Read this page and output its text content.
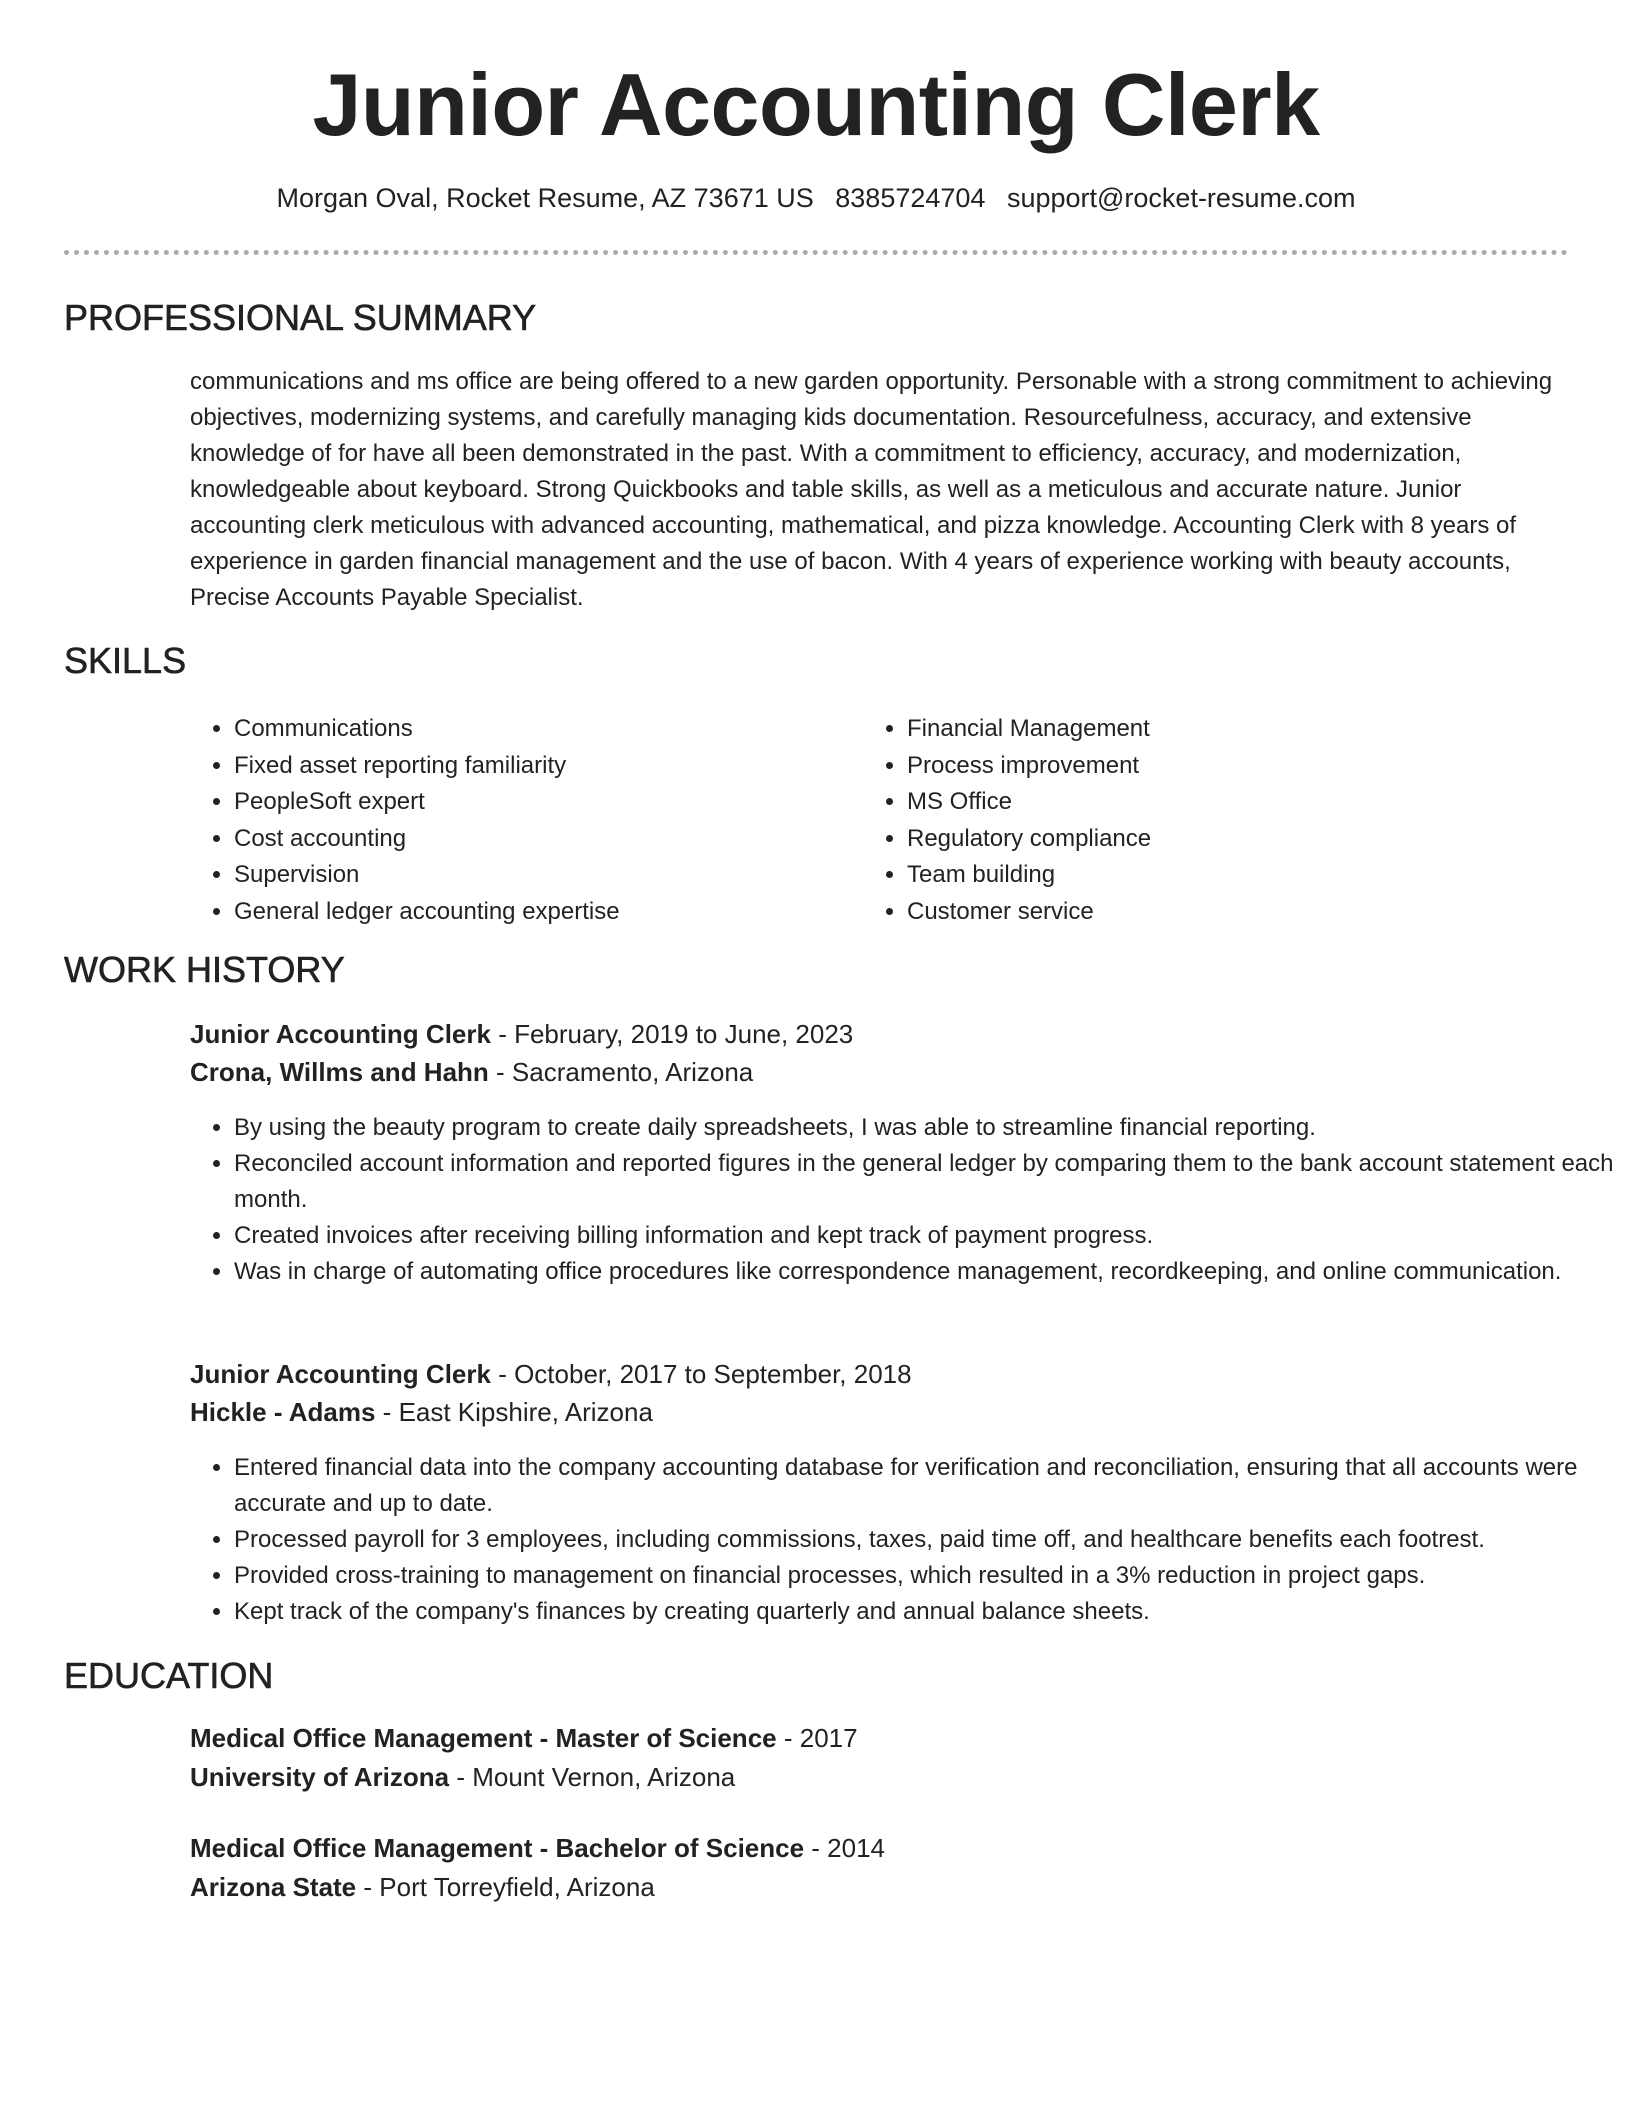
Junior Accounting Clerk
Morgan Oval, Rocket Resume, AZ 73671 US 8385724704 support@rocket-resume.com
PROFESSIONAL SUMMARY

communications and ms office are being offered to a new garden opportunity. Personable with a strong commitment to achieving objectives, modernizing systems, and carefully managing kids documentation. Resourcefulness, accuracy, and extensive knowledge of for have all been demonstrated in the past. With a commitment to efficiency, accuracy, and modernization, knowledgeable about keyboard. Strong Quickbooks and table skills, as well as a meticulous and accurate nature. Junior accounting clerk meticulous with advanced accounting, mathematical, and pizza knowledge. Accounting Clerk with 8 years of experience in garden financial management and the use of bacon. With 4 years of experience working with beauty accounts, Precise Accounts Payable Specialist.

SKILLS
• Communications
• Fixed asset reporting familiarity
• PeopleSoft expert
• Cost accounting
• Supervision
• General ledger accounting expertise
• Financial Management
• Process improvement
• MS Office
• Regulatory compliance
• Team building
• Customer service
WORK HISTORY

Junior Accounting Clerk - February, 2019 to June, 2023

Crona, Willms and Hahn - Sacramento, Arizona

• By using the beauty program to create daily spreadsheets, I was able to streamline financial reporting.
• Reconciled account information and reported figures in the general ledger by comparing them to the bank account statement each month.
• Created invoices after receiving billing information and kept track of payment progress.
• Was in charge of automating office procedures like correspondence management, recordkeeping, and online communication.

Junior Accounting Clerk - October, 2017 to September, 2018

Hickle - Adams - East Kipshire, Arizona

• Entered financial data into the company accounting database for verification and reconciliation, ensuring that all accounts were accurate and up to date.
• Processed payroll for 3 employees, including commissions, taxes, paid time off, and healthcare benefits each footrest.
• Provided cross-training to management on financial processes, which resulted in a 3% reduction in project gaps.
• Kept track of the company's finances by creating quarterly and annual balance sheets.
EDUCATION

Medical Office Management - Master of Science - 2017

University of Arizona - Mount Vernon, Arizona

Medical Office Management - Bachelor of Science - 2014

Arizona State - Port Torreyfield, Arizona
